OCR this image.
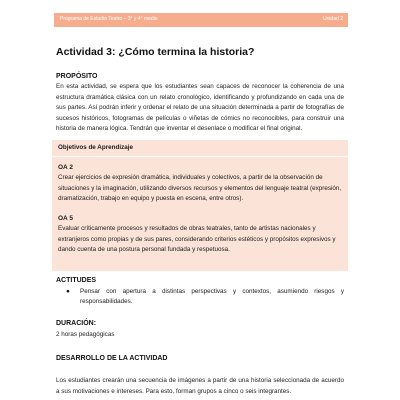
Programa de Estudio Teatro – 3° y 4° medio	Unidad 2
Actividad 3: ¿Cómo termina la historia?
PROPÓSITO
En esta actividad, se espera que los estudiantes sean capaces de reconocer la coherencia de una estructura dramática clásica con un relato cronológico, identificando y profundizando en cada una de sus partes. Así podrán inferir y ordenar el relato de una situación determinada a partir de fotografías de sucesos históricos, fotogramas de películas o viñetas de cómics no reconocibles, para construir una historia de manera lógica. Tendrán que inventar el desenlace o modificar el final original.
Objetivos de Aprendizaje
OA 2
Crear ejercicios de expresión dramática, individuales y colectivos, a partir de la observación de situaciones y la imaginación, utilizando diversos recursos y elementos del lenguaje teatral (expresión, dramatización, trabajo en equipo y puesta en escena, entre otros).
OA 5
Evaluar críticamente procesos y resultados de obras teatrales, tanto de artistas nacionales y extranjeros como propias y de sus pares, considerando criterios estéticos y propósitos expresivos y dando cuenta de una postura personal fundada y respetuosa.
ACTITUDES
● Pensar con apertura a distintas perspectivas y contextos, asumiendo riesgos y responsabilidades.
DURACIÓN:
2 horas pedagógicas
DESARROLLO DE LA ACTIVIDAD
Los estudiantes crearán una secuencia de imágenes a partir de una historia seleccionada de acuerdo a sus motivaciones e intereses. Para esto, forman grupos a cinco o seis integrantes.
